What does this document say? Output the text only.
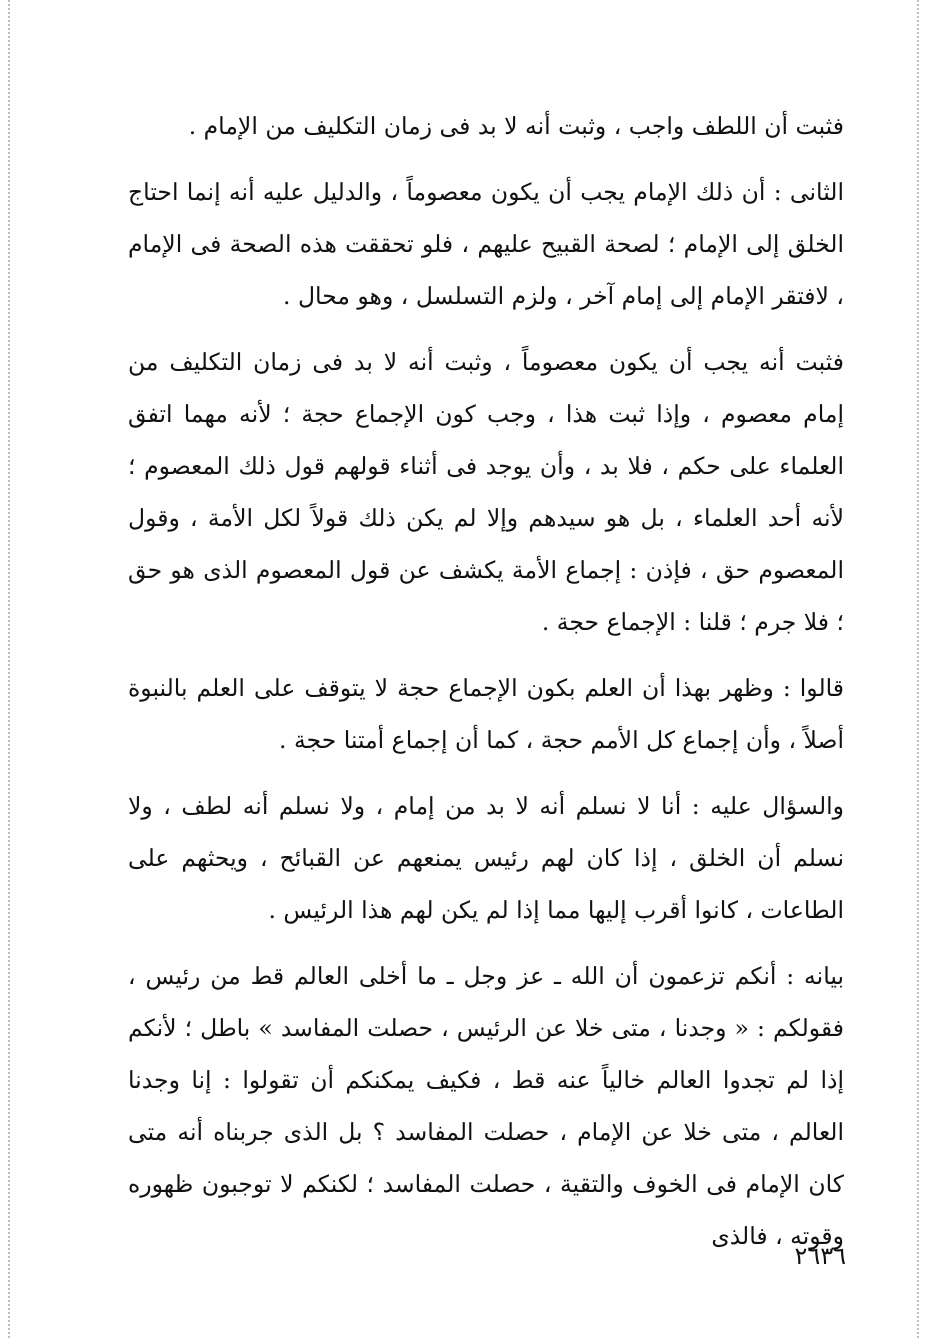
فثبت أن اللطف واجب ، وثبت أنه لا بد فى زمان التكليف من الإمام .

الثانى : أن ذلك الإمام يجب أن يكون معصوماً ، والدليل عليه أنه إنما احتاج الخلق إلى الإمام ؛ لصحة القبيح عليهم ، فلو تحققت هذه الصحة فى الإمام ، لافتقر الإمام إلى إمام آخر ، ولزم التسلسل ، وهو محال .

فثبت أنه يجب أن يكون معصوماً ، وثبت أنه لا بد فى زمان التكليف من إمام معصوم ، وإذا ثبت هذا ، وجب كون الإجماع حجة ؛ لأنه مهما اتفق العلماء على حكم ، فلا بد ، وأن يوجد فى أثناء قولهم قول ذلك المعصوم ؛ لأنه أحد العلماء ، بل هو سيدهم وإلا لم يكن ذلك قولاً لكل الأمة ، وقول المعصوم حق ، فإذن : إجماع الأمة يكشف عن قول المعصوم الذى هو حق ؛ فلا جرم ؛ قلنا : الإجماع حجة .

قالوا : وظهر بهذا أن العلم بكون الإجماع حجة لا يتوقف على العلم بالنبوة أصلاً ، وأن إجماع كل الأمم حجة ، كما أن إجماع أمتنا حجة .

والسؤال عليه : أنا لا نسلم أنه لا بد من إمام ، ولا نسلم أنه لطف ، ولا نسلم أن الخلق ، إذا كان لهم رئيس يمنعهم عن القبائح ، ويحثهم على الطاعات ، كانوا أقرب إليها مما إذا لم يكن لهم هذا الرئيس .

بيانه : أنكم تزعمون أن الله ـ عز وجل ـ ما أخلى العالم قط من رئيس ، فقولكم : « وجدنا ، متى خلا عن الرئيس ، حصلت المفاسد » باطل ؛ لأنكم إذا لم تجدوا العالم خالياً عنه قط ، فكيف يمكنكم أن تقولوا : إنا وجدنا العالم ، متى خلا عن الإمام ، حصلت المفاسد ؟ بل الذى جربناه أنه متى كان الإمام فى الخوف والتقية ، حصلت المفاسد ؛ لكنكم لا توجبون ظهوره وقوته ، فالذى

٢٦٣٦
